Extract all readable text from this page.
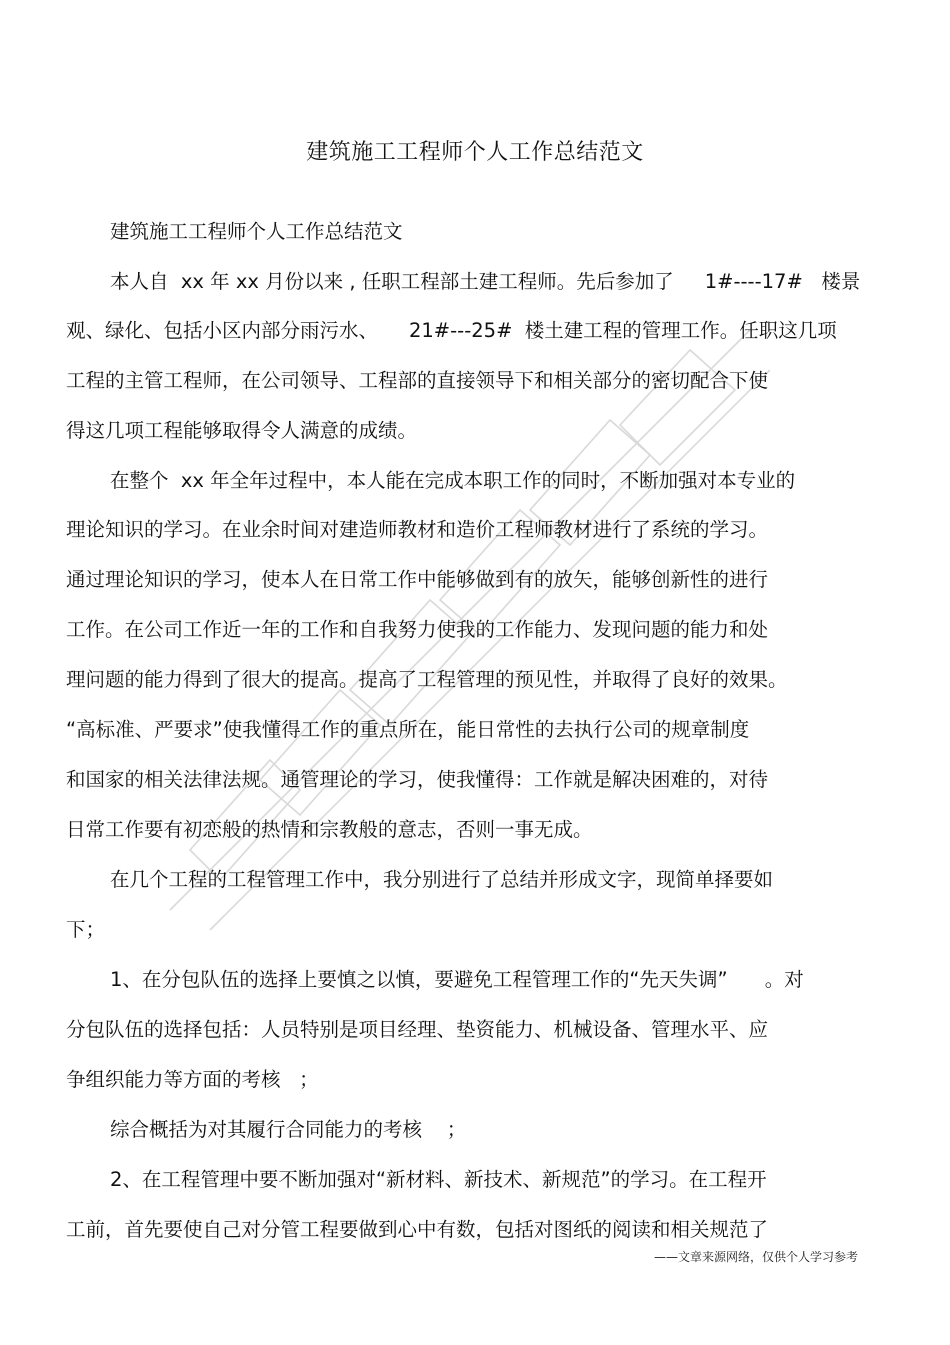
建筑施工工程师个人工作总结范文
建筑施工工程师个人工作总结范文
本人自  xx 年 xx 月份以来 , 任职工程部土建工程师。先后参加了     1#----17#   楼景
观、绿化、包括小区内部分雨污水、     21#---25#  楼土建工程的管理工作。任职这几项
工程的主管工程师，在公司领导、工程部的直接领导下和相关部分的密切配合下使
得这几项工程能够取得令人满意的成绩。
在整个  xx 年全年过程中，本人能在完成本职工作的同时，不断加强对本专业的
理论知识的学习。在业余时间对建造师教材和造价工程师教材进行了系统的学习。
通过理论知识的学习，使本人在日常工作中能够做到有的放矢，能够创新性的进行
工作。在公司工作近一年的工作和自我努力使我的工作能力、发现问题的能力和处
理问题的能力得到了很大的提高。提高了工程管理的预见性，并取得了良好的效果。
“高标准、严要求”使我懂得工作的重点所在，能日常性的去执行公司的规章制度
和国家的相关法律法规。通管理论的学习，使我懂得：工作就是解决困难的，对待
日常工作要有初恋般的热情和宗教般的意志，否则一事无成。
在几个工程的工程管理工作中，我分别进行了总结并形成文字，现简单择要如
下；
1、在分包队伍的选择上要慎之以慎，要避免工程管理工作的“先天失调”      。对
分包队伍的选择包括：人员特别是项目经理、垫资能力、机械设备、管理水平、应
争组织能力等方面的考核   ；
综合概括为对其履行合同能力的考核    ；
2、在工程管理中要不断加强对“新材料、新技术、新规范”的学习。在工程开
工前，首先要使自己对分管工程要做到心中有数，包括对图纸的阅读和相关规范了
——文章来源网络，仅供个人学习参考
